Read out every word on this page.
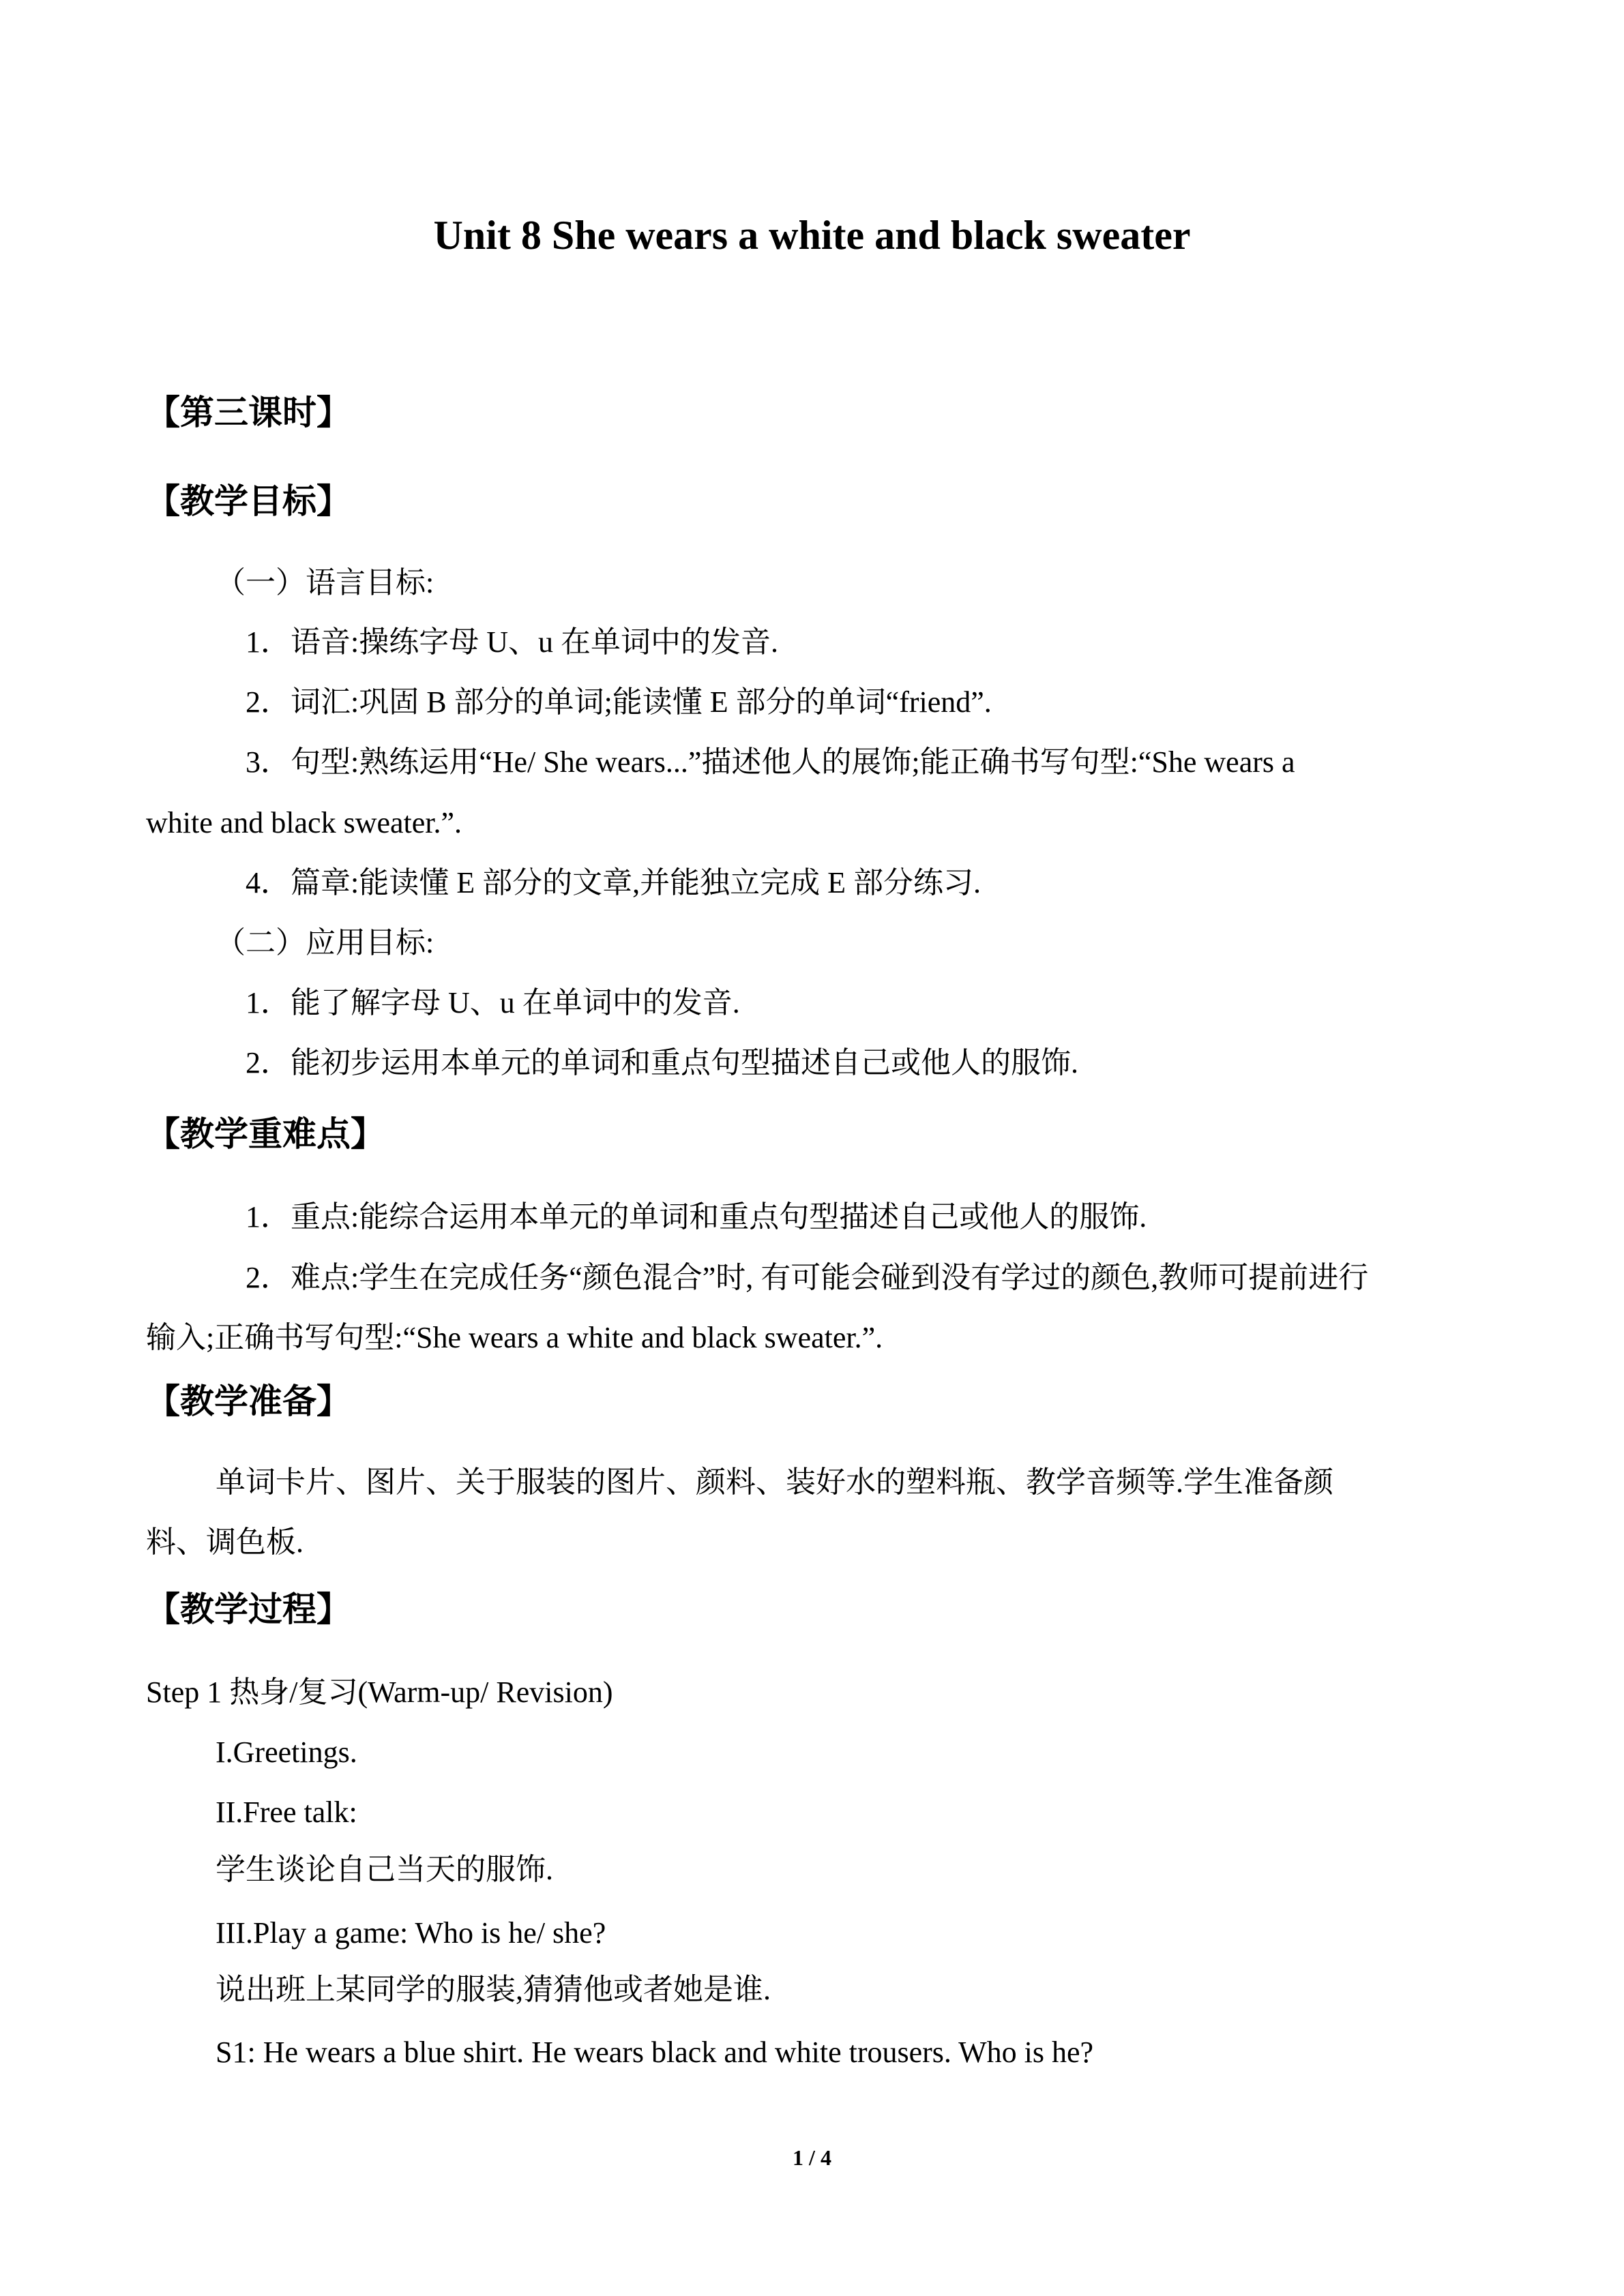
Unit 8 She wears a white and black sweater
【第三课时】
【教学目标】
（一）语言目标:
1．语音:操练字母 U、u 在单词中的发音.
2．词汇:巩固 B 部分的单词;能读懂 E 部分的单词“friend”.
3．句型:熟练运用“He/ She wears...”描述他人的展饰;能正确书写句型:“She wears a
white and black sweater.”.
4．篇章:能读懂 E 部分的文章,并能独立完成 E 部分练习.
（二）应用目标:
1．能了解字母 U、u 在单词中的发音.
2．能初步运用本单元的单词和重点句型描述自己或他人的服饰.
【教学重难点】
1．重点:能综合运用本单元的单词和重点句型描述自己或他人的服饰.
2．难点:学生在完成任务“颜色混合”时, 有可能会碰到没有学过的颜色,教师可提前进行
输入;正确书写句型:“She wears a white and black sweater.”.
【教学准备】
单词卡片、图片、关于服装的图片、颜料、装好水的塑料瓶、教学音频等.学生准备颜
料、调色板.
【教学过程】
Step 1 热身/复习(Warm-up/ Revision)
I.Greetings.
II.Free talk:
学生谈论自己当天的服饰.
III.Play a game: Who is he/ she?
说出班上某同学的服装,猜猜他或者她是谁.
S1: He wears a blue shirt. He wears black and white trousers. Who is he?
1 / 4
